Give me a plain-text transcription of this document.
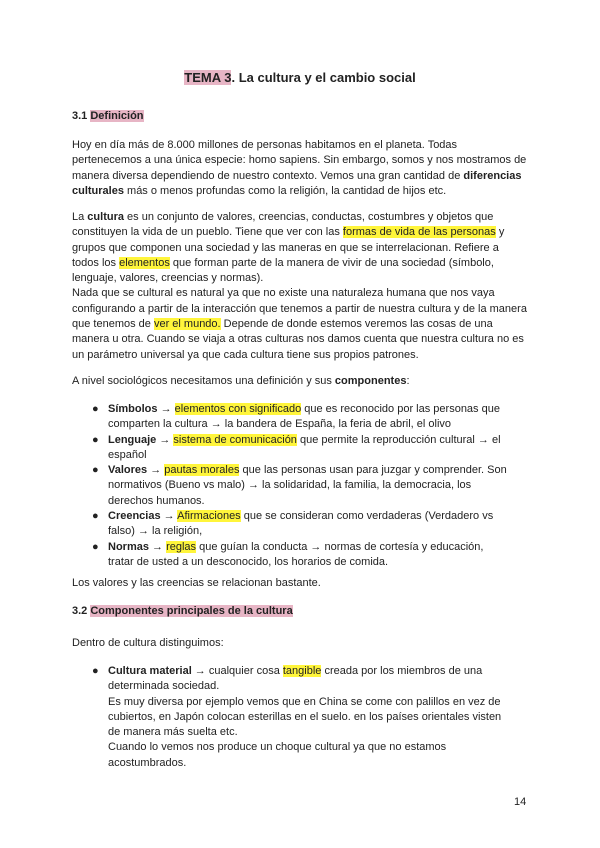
TEMA 3. La cultura y el cambio social
3.1 Definición

Hoy en día más de 8.000 millones de personas habitamos en el planeta. Todas pertenecemos a una única especie: homo sapiens. Sin embargo, somos y nos mostramos de manera diversa dependiendo de nuestro contexto. Vemos una gran cantidad de diferencias culturales más o menos profundas como la religión, la cantidad de hijos etc.

La cultura es un conjunto de valores, creencias, conductas, costumbres y objetos que constituyen la vida de un pueblo. Tiene que ver con las formas de vida de las personas y grupos que componen una sociedad y las maneras en que se interrelacionan. Refiere a todos los elementos que forman parte de la manera de vivir de una sociedad (símbolo, lenguaje, valores, creencias y normas).
Nada que se cultural es natural ya que no existe una naturaleza humana que nos vaya configurando a partir de la interacción que tenemos a partir de nuestra cultura y de la manera que tenemos de ver el mundo. Depende de donde estemos veremos las cosas de una manera u otra. Cuando se viaja a otras culturas nos damos cuenta que nuestra cultura no es un parámetro universal ya que cada cultura tiene sus propios patrones.

A nivel sociológicos necesitamos una definición y sus componentes:

● Símbolos → elementos con significado que es reconocido por las personas que comparten la cultura → la bandera de España, la feria de abril, el olivo
● Lenguaje → sistema de comunicación que permite la reproducción cultural → el español
● Valores → pautas morales que las personas usan para juzgar y comprender. Son normativos (Bueno vs malo) → la solidaridad, la familia, la democracia, los derechos humanos.
● Creencias → Afirmaciones que se consideran como verdaderas (Verdadero vs falso) → la religión,
● Normas → reglas que guían la conducta → normas de cortesía y educación, tratar de usted a un desconocido, los horarios de comida.

Los valores y las creencias se relacionan bastante.

3.2 Componentes principales de la cultura

Dentro de cultura distinguimos:

● Cultura material → cualquier cosa tangible creada por los miembros de una determinada sociedad.
Es muy diversa por ejemplo vemos que en China se come con palillos en vez de cubiertos, en Japón colocan esterillas en el suelo. en los países orientales visten de manera más suelta etc.
Cuando lo vemos nos produce un choque cultural ya que no estamos acostumbrados.
14
